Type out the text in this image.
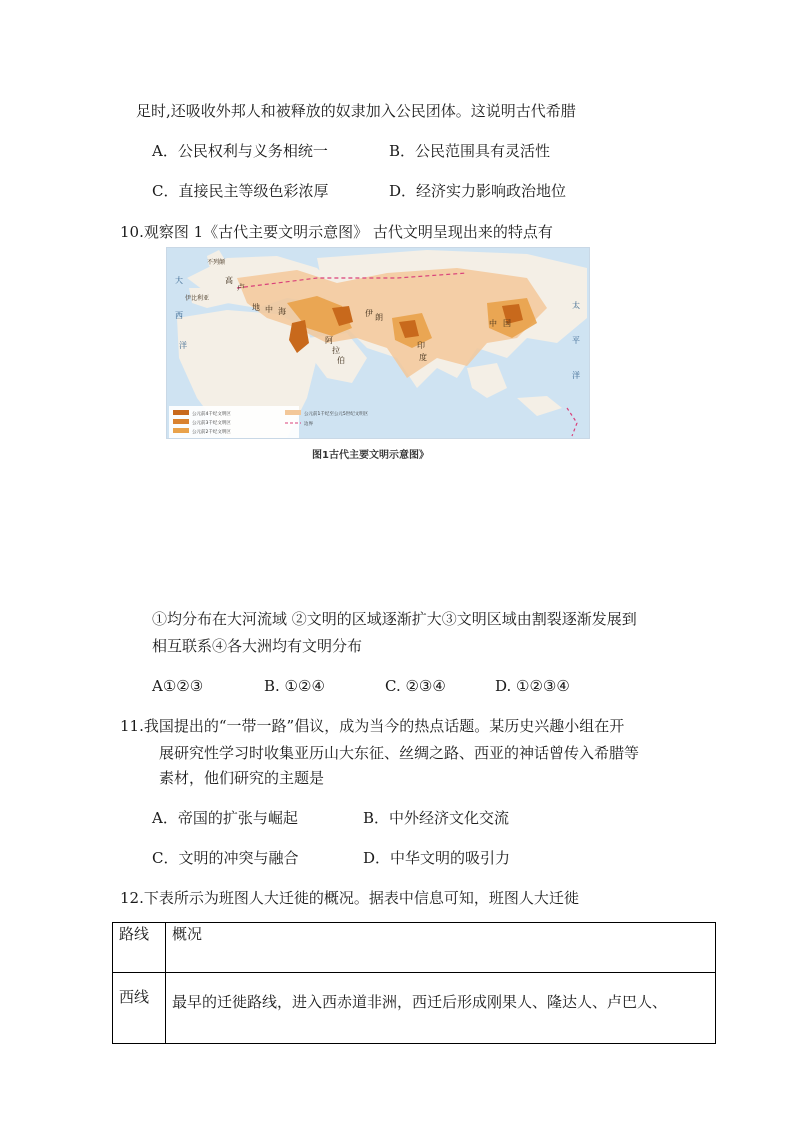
足时,还吸收外邦人和被释放的奴隶加入公民团体。这说明古代希腊
A．公民权利与义务相统一	B．公民范围具有灵活性
C．直接民主等级色彩浓厚	D．经济实力影响政治地位
10.观察图 1《古代主要文明示意图》 古代文明呈现出来的特点有
大
西
洋
太
平
洋
高
卢
伊比利亚
不列颠
地 中 海
阿
拉
伯
伊 朗
印
度
中 国
公元前4千纪文明区
公元前3千纪文明区
公元前2千纪文明区
公元前1千纪至公元5世纪文明区
边界
图1古代主要文明示意图》
①均分布在大河流域 ②文明的区域逐渐扩大③文明区域由割裂逐渐发展到
相互联系④各大洲均有文明分布
A①②③	B. ①②④	C. ②③④	D. ①②③④
11.我国提出的“一带一路”倡议，成为当今的热点话题。某历史兴趣小组在开
展研究性学习时收集亚历山大东征、丝绸之路、西亚的神话曾传入希腊等
素材，他们研究的主题是
A．帝国的扩张与崛起	B．中外经济文化交流
C．文明的冲突与融合	D．中华文明的吸引力
12.下表所示为班图人大迁徙的概况。据表中信息可知，班图人大迁徙
路线	概况
西线	最早的迁徙路线，进入西赤道非洲，西迁后形成刚果人、隆达人、卢巴人、
